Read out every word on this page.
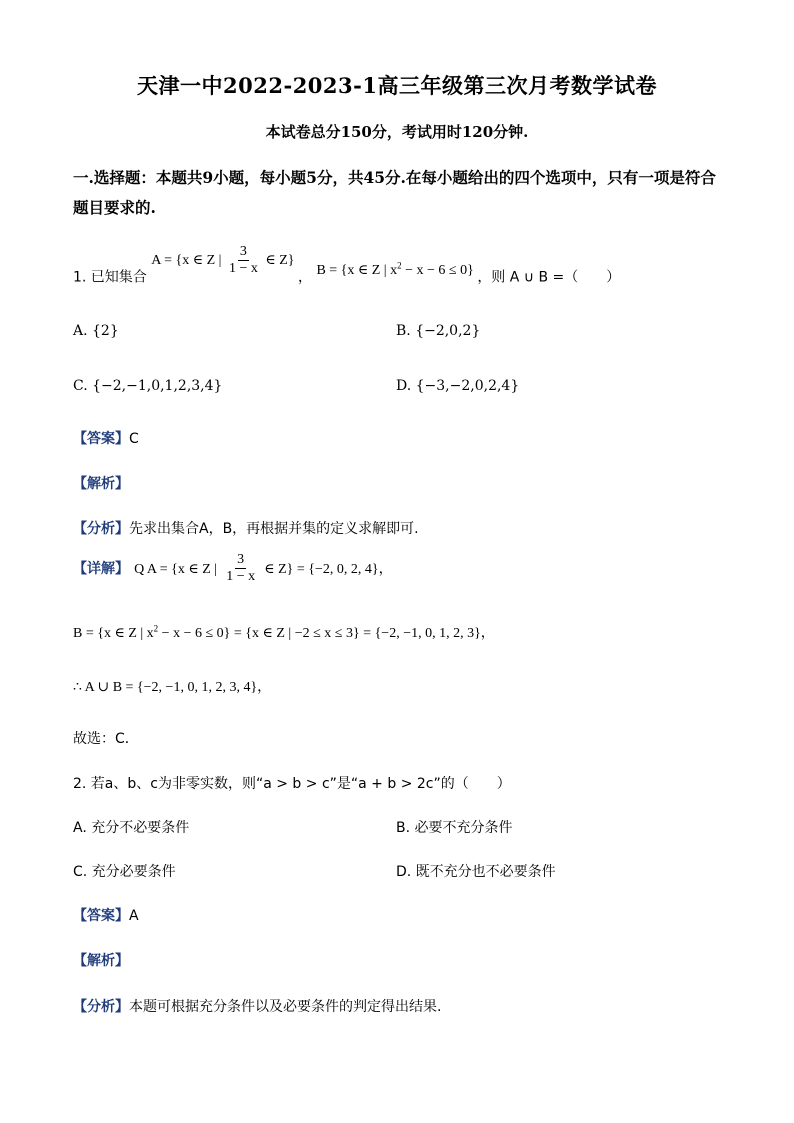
天津一中2022-2023-1高三年级第三次月考数学试卷
本试卷总分150分，考试用时120分钟.
一.选择题：本题共9小题，每小题5分，共45分.在每小题给出的四个选项中，只有一项是符合题目要求的.
1. 已知集合 A = {x ∈ Z | $\frac{3}{1 - x}$ ∈ Z} ， B = {x ∈ Z | $x^2 - x - 6 \le 0$} ，则 A ∪ B =（　　）
A. {2}	B. {−2,0,2}
C. {−2,−1,0,1,2,3,4}	D. {−3,−2,0,2,4}
【答案】C
【解析】
【分析】先求出集合A，B，再根据并集的定义求解即可.
【详解】 Q A = {x ∈ Z | $\frac{3}{1 - x}$ ∈ Z} = {−2, 0, 2, 4}，
B = {x ∈ Z | $x^2 - x - 6 \le 0\} = \{x$ ∈ Z | −2 ≤ x ≤ 3} = {−2, −1, 0, 1, 2, 3}，
∴ A ∪ B = {−2, −1, 0, 1, 2, 3, 4}，
故选：C．
2. 若a、b、c为非零实数，则“a > b > c”是“a + b > 2c”的（　　）
A. 充分不必要条件	B. 必要不充分条件
C. 充分必要条件	D. 既不充分也不必要条件
【答案】A
【解析】
【分析】本题可根据充分条件以及必要条件的判定得出结果.
